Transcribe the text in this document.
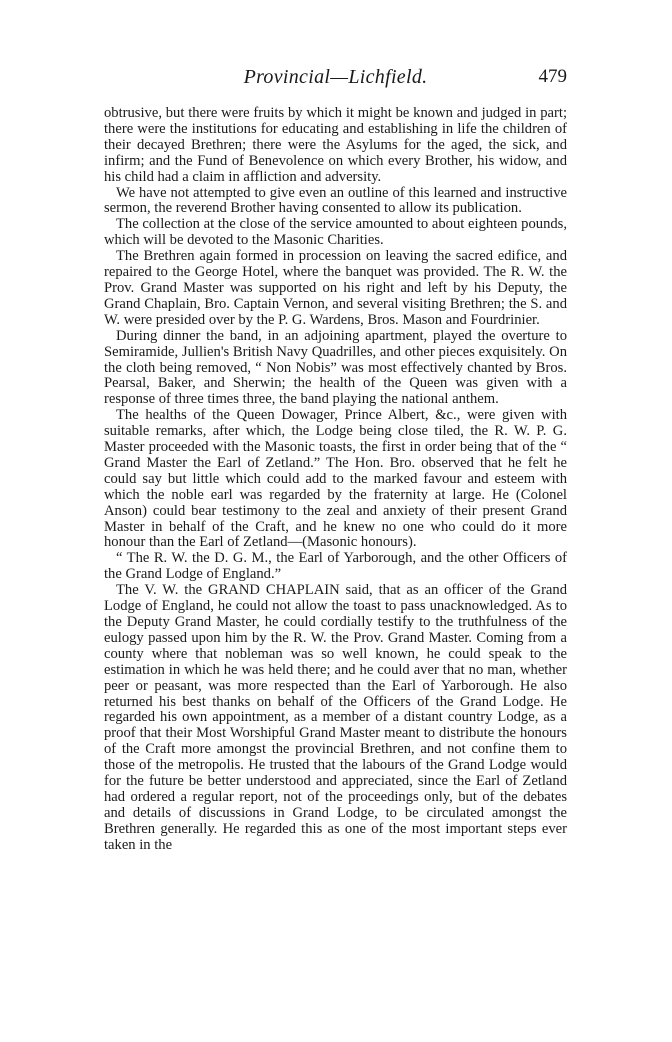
Provincial—Lichfield.	479

obtrusive, but there were fruits by which it might be known and judged in part; there were the institutions for educating and establishing in life the children of their decayed Brethren; there were the Asylums for the aged, the sick, and infirm; and the Fund of Benevolence on which every Brother, his widow, and his child had a claim in affliction and adversity.

We have not attempted to give even an outline of this learned and instructive sermon, the reverend Brother having consented to allow its publication.

The collection at the close of the service amounted to about eighteen pounds, which will be devoted to the Masonic Charities.

The Brethren again formed in procession on leaving the sacred edifice, and repaired to the George Hotel, where the banquet was provided. The R. W. the Prov. Grand Master was supported on his right and left by his Deputy, the Grand Chaplain, Bro. Captain Vernon, and several visiting Brethren; the S. and W. were presided over by the P. G. Wardens, Bros. Mason and Fourdrinier.

During dinner the band, in an adjoining apartment, played the overture to Semiramide, Jullien's British Navy Quadrilles, and other pieces exquisitely. On the cloth being removed, “ Non Nobis” was most effectively chanted by Bros. Pearsal, Baker, and Sherwin; the health of the Queen was given with a response of three times three, the band playing the national anthem.

The healths of the Queen Dowager, Prince Albert, &c., were given with suitable remarks, after which, the Lodge being close tiled, the R. W. P. G. Master proceeded with the Masonic toasts, the first in order being that of the “ Grand Master the Earl of Zetland.” The Hon. Bro. observed that he felt he could say but little which could add to the marked favour and esteem with which the noble earl was regarded by the fraternity at large. He (Colonel Anson) could bear testimony to the zeal and anxiety of their present Grand Master in behalf of the Craft, and he knew no one who could do it more honour than the Earl of Zetland—(Masonic honours).

“ The R. W. the D. G. M., the Earl of Yarborough, and the other Officers of the Grand Lodge of England.”

The V. W. the GRAND CHAPLAIN said, that as an officer of the Grand Lodge of England, he could not allow the toast to pass unacknowledged. As to the Deputy Grand Master, he could cordially testify to the truthfulness of the eulogy passed upon him by the R. W. the Prov. Grand Master. Coming from a county where that nobleman was so well known, he could speak to the estimation in which he was held there; and he could aver that no man, whether peer or peasant, was more respected than the Earl of Yarborough. He also returned his best thanks on behalf of the Officers of the Grand Lodge. He regarded his own appointment, as a member of a distant country Lodge, as a proof that their Most Worshipful Grand Master meant to distribute the honours of the Craft more amongst the provincial Brethren, and not confine them to those of the metropolis. He trusted that the labours of the Grand Lodge would for the future be better understood and appreciated, since the Earl of Zetland had ordered a regular report, not of the proceedings only, but of the debates and details of discussions in Grand Lodge, to be circulated amongst the Brethren generally. He regarded this as one of the most important steps ever taken in the
